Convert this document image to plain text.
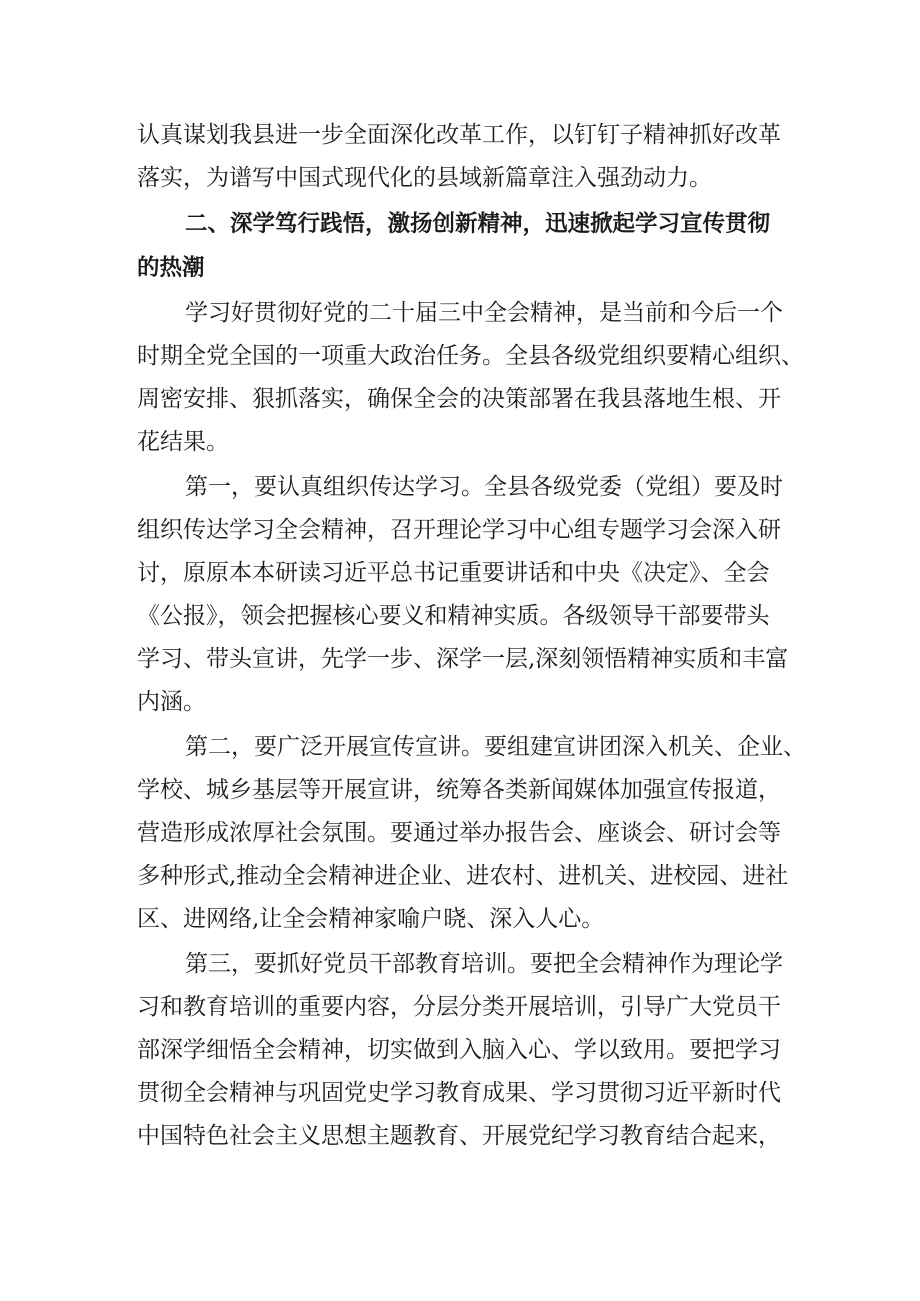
认真谋划我县进一步全面深化改革工作，以钉钉子精神抓好改革
落实，为谱写中国式现代化的县域新篇章注入强劲动力。
二、深学笃行践悟，激扬创新精神，迅速掀起学习宣传贯彻
的热潮
学习好贯彻好党的二十届三中全会精神，是当前和今后一个
时期全党全国的一项重大政治任务。全县各级党组织要精心组织、
周密安排、狠抓落实，确保全会的决策部署在我县落地生根、开
花结果。
第一，要认真组织传达学习。全县各级党委（党组）要及时
组织传达学习全会精神，召开理论学习中心组专题学习会深入研
讨，原原本本研读习近平总书记重要讲话和中央《决定》、全会
《公报》，领会把握核心要义和精神实质。各级领导干部要带头
学习、带头宣讲，先学一步、深学一层,深刻领悟精神实质和丰富
内涵。
第二，要广泛开展宣传宣讲。要组建宣讲团深入机关、企业、
学校、城乡基层等开展宣讲，统筹各类新闻媒体加强宣传报道，
营造形成浓厚社会氛围。要通过举办报告会、座谈会、研讨会等
多种形式,推动全会精神进企业、进农村、进机关、进校园、进社
区、进网络,让全会精神家喻户晓、深入人心。
第三，要抓好党员干部教育培训。要把全会精神作为理论学
习和教育培训的重要内容，分层分类开展培训，引导广大党员干
部深学细悟全会精神，切实做到入脑入心、学以致用。要把学习
贯彻全会精神与巩固党史学习教育成果、学习贯彻习近平新时代
中国特色社会主义思想主题教育、开展党纪学习教育结合起来，
